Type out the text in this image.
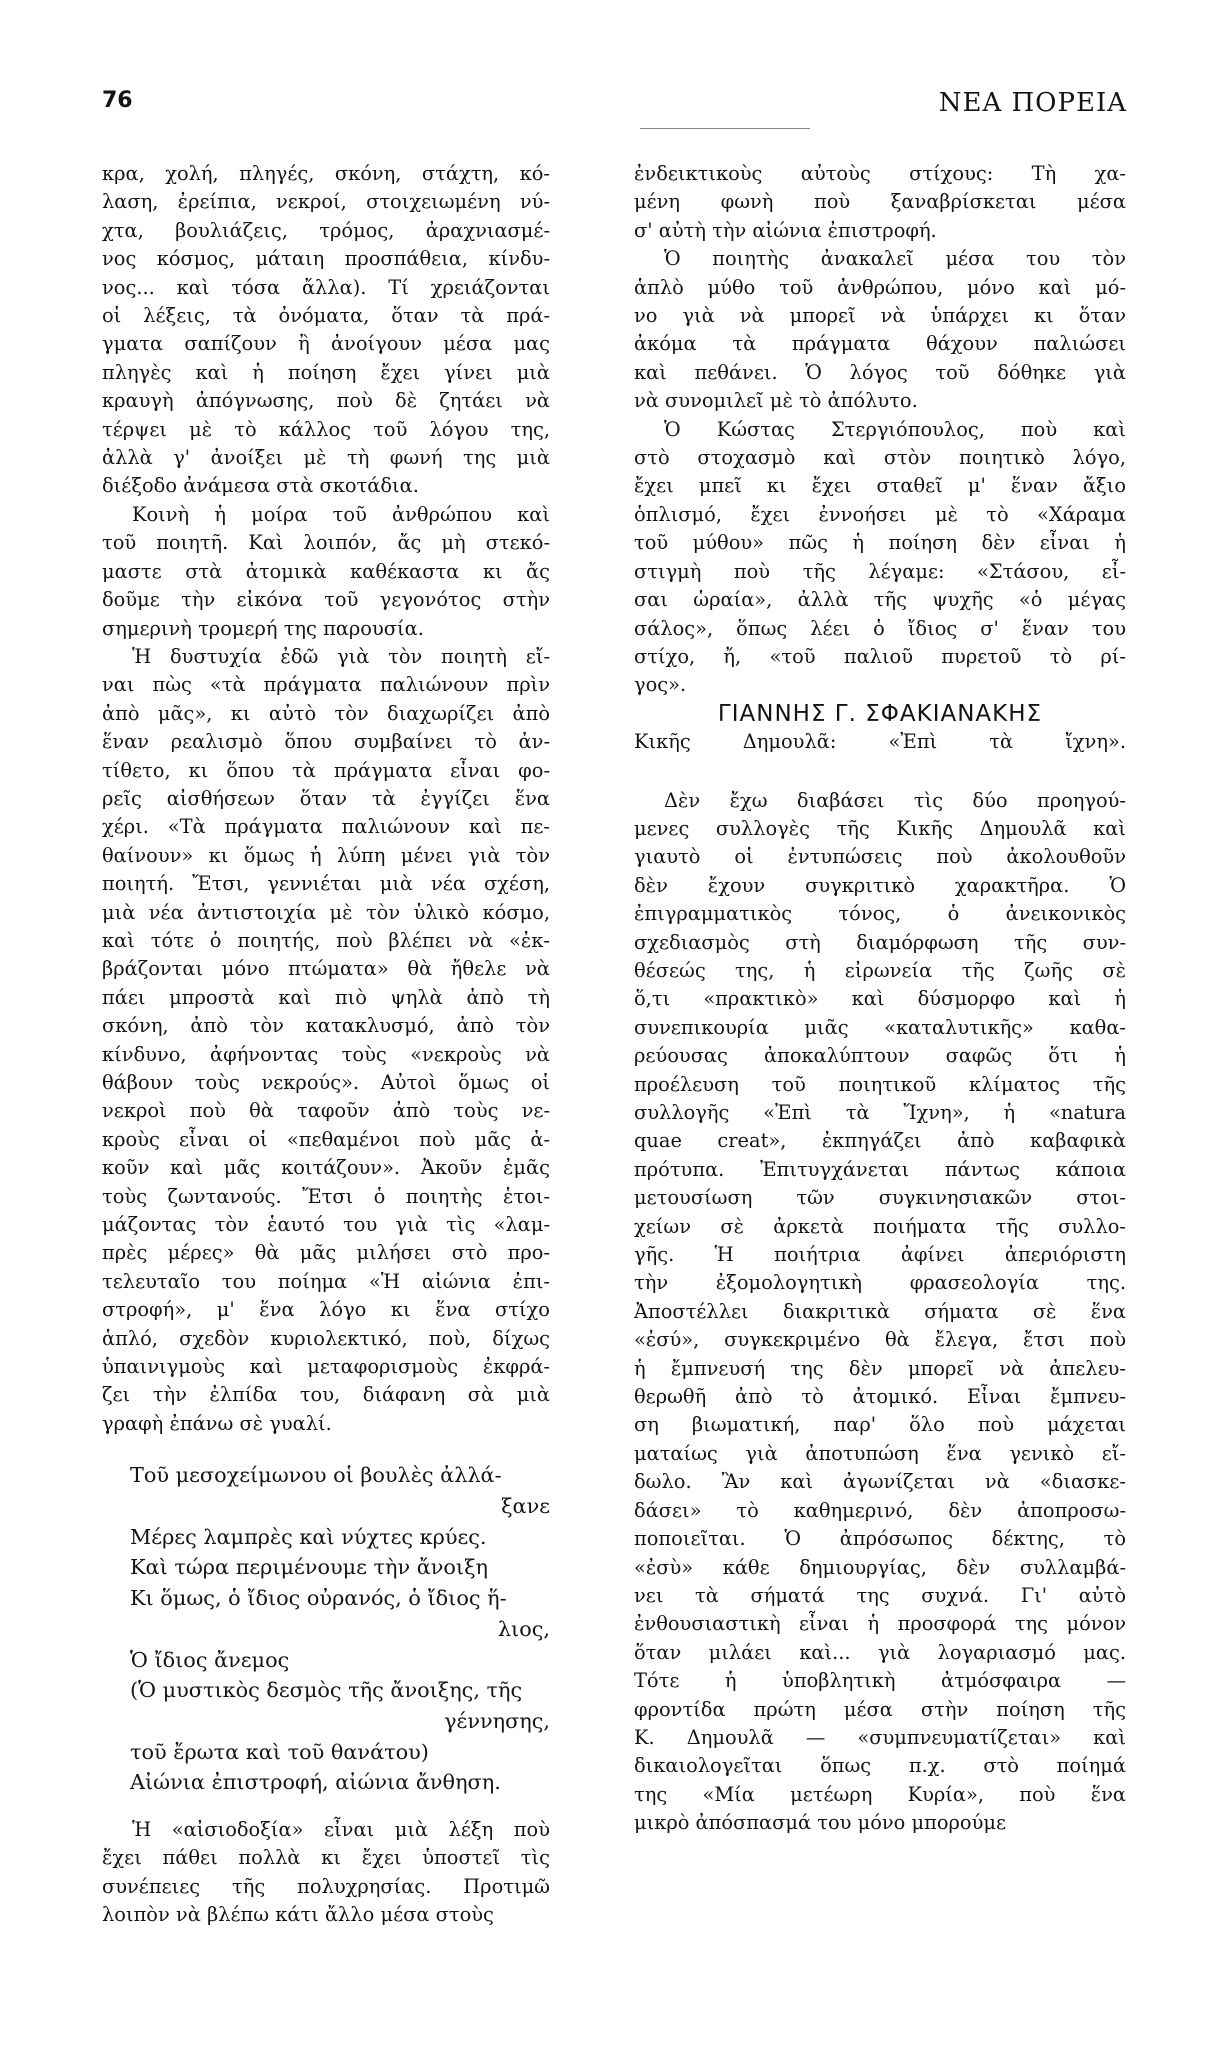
76	ΝΕΑ ΠΟΡΕΙΑ
κρα, χολή, πληγές, σκόνη, στάχτη, κό-
λαση, ἐρείπια, νεκροί, στοιχειωμένη νύ-
χτα, βουλιάζεις, τρόμος, ἀραχνιασμέ-
νος κόσμος, μάταιη προσπάθεια, κίνδυ-
νος... καὶ τόσα ἄλλα). Τί χρειάζονται
οἱ λέξεις, τὰ ὀνόματα, ὅταν τὰ πρά-
γματα σαπίζουν ἢ ἀνοίγουν μέσα μας
πληγὲς καὶ ἡ ποίηση ἔχει γίνει μιὰ
κραυγὴ ἀπόγνωσης, ποὺ δὲ ζητάει νὰ
τέρψει μὲ τὸ κάλλος τοῦ λόγου της,
ἀλλὰ γ' ἀνοίξει μὲ τὴ φωνή της μιὰ
διέξοδο ἀνάμεσα στὰ σκοτάδια.
Κοινὴ ἡ μοίρα τοῦ ἀνθρώπου καὶ
τοῦ ποιητῆ. Καὶ λοιπόν, ἄς μὴ στεκό-
μαστε στὰ ἀτομικὰ καθέκαστα κι ἄς
δοῦμε τὴν εἰκόνα τοῦ γεγονότος στὴν
σημερινὴ τρομερή της παρουσία.
Ἡ δυστυχία ἐδῶ γιὰ τὸν ποιητὴ εἴ-
ναι πὼς «τὰ πράγματα παλιώνουν πρὶν
ἀπὸ μᾶς», κι αὐτὸ τὸν διαχωρίζει ἀπὸ
ἕναν ρεαλισμὸ ὅπου συμβαίνει τὸ ἀν-
τίθετο, κι ὅπου τὰ πράγματα εἶναι φο-
ρεῖς αἰσθήσεων ὅταν τὰ ἐγγίζει ἕνα
χέρι. «Τὰ πράγματα παλιώνουν καὶ πε-
θαίνουν» κι ὅμως ἡ λύπη μένει γιὰ τὸν
ποιητή. Ἔτσι, γεννιέται μιὰ νέα σχέση,
μιὰ νέα ἀντιστοιχία μὲ τὸν ὑλικὸ κόσμο,
καὶ τότε ὁ ποιητής, ποὺ βλέπει νὰ «ἐκ-
βράζονται μόνο πτώματα» θὰ ἤθελε νὰ
πάει μπροστὰ καὶ πιὸ ψηλὰ ἀπὸ τὴ
σκόνη, ἀπὸ τὸν κατακλυσμό, ἀπὸ τὸν
κίνδυνο, ἀφήνοντας τοὺς «νεκροὺς νὰ
θάβουν τοὺς νεκρούς». Αὐτοὶ ὅμως οἱ
νεκροὶ ποὺ θὰ ταφοῦν ἀπὸ τοὺς νε-
κροὺς εἶναι οἱ «πεθαμένοι ποὺ μᾶς ἀ-
κοῦν καὶ μᾶς κοιτάζουν». Ἀκοῦν ἐμᾶς
τοὺς ζωντανούς. Ἔτσι ὁ ποιητὴς ἑτοι-
μάζοντας τὸν ἑαυτό του γιὰ τὶς «λαμ-
πρὲς μέρες» θὰ μᾶς μιλήσει στὸ προ-
τελευταῖο του ποίημα «Ἡ αἰώνια ἐπι-
στροφή», μ' ἕνα λόγο κι ἕνα στίχο
ἁπλό, σχεδὸν κυριολεκτικό, ποὺ, δίχως
ὑπαινιγμοὺς καὶ μεταφορισμοὺς ἐκφρά-
ζει τὴν ἐλπίδα του, διάφανη σὰ μιὰ
γραφὴ ἐπάνω σὲ γυαλί.
Τοῦ μεσοχείμωνου οἱ βουλὲς ἀλλά-
ξανε
Μέρες λαμπρὲς καὶ νύχτες κρύες.
Καὶ τώρα περιμένουμε τὴν ἄνοιξη
Κι ὅμως, ὁ ἴδιος οὐρανός, ὁ ἴδιος ἥ-
λιος,
Ὁ ἴδιος ἄνεμος
(Ὁ μυστικὸς δεσμὸς τῆς ἄνοιξης, τῆς
γέννησης,
τοῦ ἔρωτα καὶ τοῦ θανάτου)
Αἰώνια ἐπιστροφή, αἰώνια ἄνθηση.
Ἡ «αἰσιοδοξία» εἶναι μιὰ λέξη ποὺ
ἔχει πάθει πολλὰ κι ἔχει ὑποστεῖ τὶς
συνέπειες τῆς πολυχρησίας. Προτιμῶ
λοιπὸν νὰ βλέπω κάτι ἄλλο μέσα στοὺς
ἐνδεικτικοὺς αὐτοὺς στίχους: Τὴ χα-
μένη φωνὴ ποὺ ξαναβρίσκεται μέσα
σ' αὐτὴ τὴν αἰώνια ἐπιστροφή.
Ὁ ποιητὴς ἀνακαλεῖ μέσα του τὸν
ἁπλὸ μύθο τοῦ ἀνθρώπου, μόνο καὶ μό-
νο γιὰ νὰ μπορεῖ νὰ ὑπάρχει κι ὅταν
ἀκόμα τὰ πράγματα θάχουν παλιώσει
καὶ πεθάνει. Ὁ λόγος τοῦ δόθηκε γιὰ
νὰ συνομιλεῖ μὲ τὸ ἀπόλυτο.
Ὁ Κώστας Στεργιόπουλος, ποὺ καὶ
στὸ στοχασμὸ καὶ στὸν ποιητικὸ λόγο,
ἔχει μπεῖ κι ἔχει σταθεῖ μ' ἕναν ἄξιο
ὁπλισμό, ἔχει ἐννοήσει μὲ τὸ «Χάραμα
τοῦ μύθου» πῶς ἡ ποίηση δὲν εἶναι ἡ
στιγμὴ ποὺ τῆς λέγαμε: «Στάσου, εἶ-
σαι ὡραία», ἀλλὰ τῆς ψυχῆς «ὁ μέγας
σάλος», ὅπως λέει ὁ ἴδιος σ' ἕναν του
στίχο, ἤ, «τοῦ παλιοῦ πυρετοῦ τὸ ρί-
γος».

ΓΙΑΝΝΗΣ Γ. ΣΦΑΚΙΑΝΑΚΗΣ

Κικῆς Δημουλᾶ: «Ἐπὶ τὰ ἴχνη».

Δὲν ἔχω διαβάσει τὶς δύο προηγού-
μενες συλλογὲς τῆς Κικῆς Δημουλᾶ καὶ
γιαυτὸ οἱ ἐντυπώσεις ποὺ ἀκολουθοῦν
δὲν ἔχουν συγκριτικὸ χαρακτῆρα. Ὁ
ἐπιγραμματικὸς τόνος, ὁ ἀνεικονικὸς
σχεδιασμὸς στὴ διαμόρφωση τῆς συν-
θέσεώς της, ἡ εἰρωνεία τῆς ζωῆς σὲ
ὅ,τι «πρακτικὸ» καὶ δύσμορφο καὶ ἡ
συνεπικουρία μιᾶς «καταλυτικῆς» καθα-
ρεύουσας ἀποκαλύπτουν σαφῶς ὅτι ἡ
προέλευση τοῦ ποιητικοῦ κλίματος τῆς
συλλογῆς «Ἐπὶ τὰ Ἴχνη», ἡ «natura
quae creat», ἐκπηγάζει ἀπὸ καβαφικὰ
πρότυπα. Ἐπιτυγχάνεται πάντως κάποια
μετουσίωση τῶν συγκινησιακῶν στοι-
χείων σὲ ἀρκετὰ ποιήματα τῆς συλλο-
γῆς. Ἡ ποιήτρια ἀφίνει ἀπεριόριστη
τὴν ἐξομολογητικὴ φρασεολογία της.
Ἀποστέλλει διακριτικὰ σήματα σὲ ἕνα
«ἐσύ», συγκεκριμένο θὰ ἔλεγα, ἔτσι ποὺ
ἡ ἔμπνευσή της δὲν μπορεῖ νὰ ἀπελευ-
θερωθῆ ἀπὸ τὸ ἀτομικό. Εἶναι ἔμπνευ-
ση βιωματική, παρ' ὅλο ποὺ μάχεται
ματαίως γιὰ ἀποτυπώση ἕνα γενικὸ εἴ-
δωλο. Ἂν καὶ ἀγωνίζεται νὰ «διασκε-
δάσει» τὸ καθημερινό, δὲν ἀποπροσω-
ποποιεῖται. Ὁ ἀπρόσωπος δέκτης, τὸ
«ἐσὺ» κάθε δημιουργίας, δὲν συλλαμβά-
νει τὰ σήματά της συχνά. Γι' αὐτὸ
ἐνθουσιαστικὴ εἶναι ἡ προσφορά της μόνον
ὅταν μιλάει καὶ... γιὰ λογαριασμό μας.
Τότε ἡ ὑποβλητικὴ ἀτμόσφαιρα —
φροντίδα πρώτη μέσα στὴν ποίηση τῆς
Κ. Δημουλᾶ — «συμπνευματίζεται» καὶ
δικαιολογεῖται ὅπως π.χ. στὸ ποίημά
της «Μία μετέωρη Κυρία», ποὺ ἕνα
μικρὸ ἀπόσπασμά του μόνο μπορούμε
